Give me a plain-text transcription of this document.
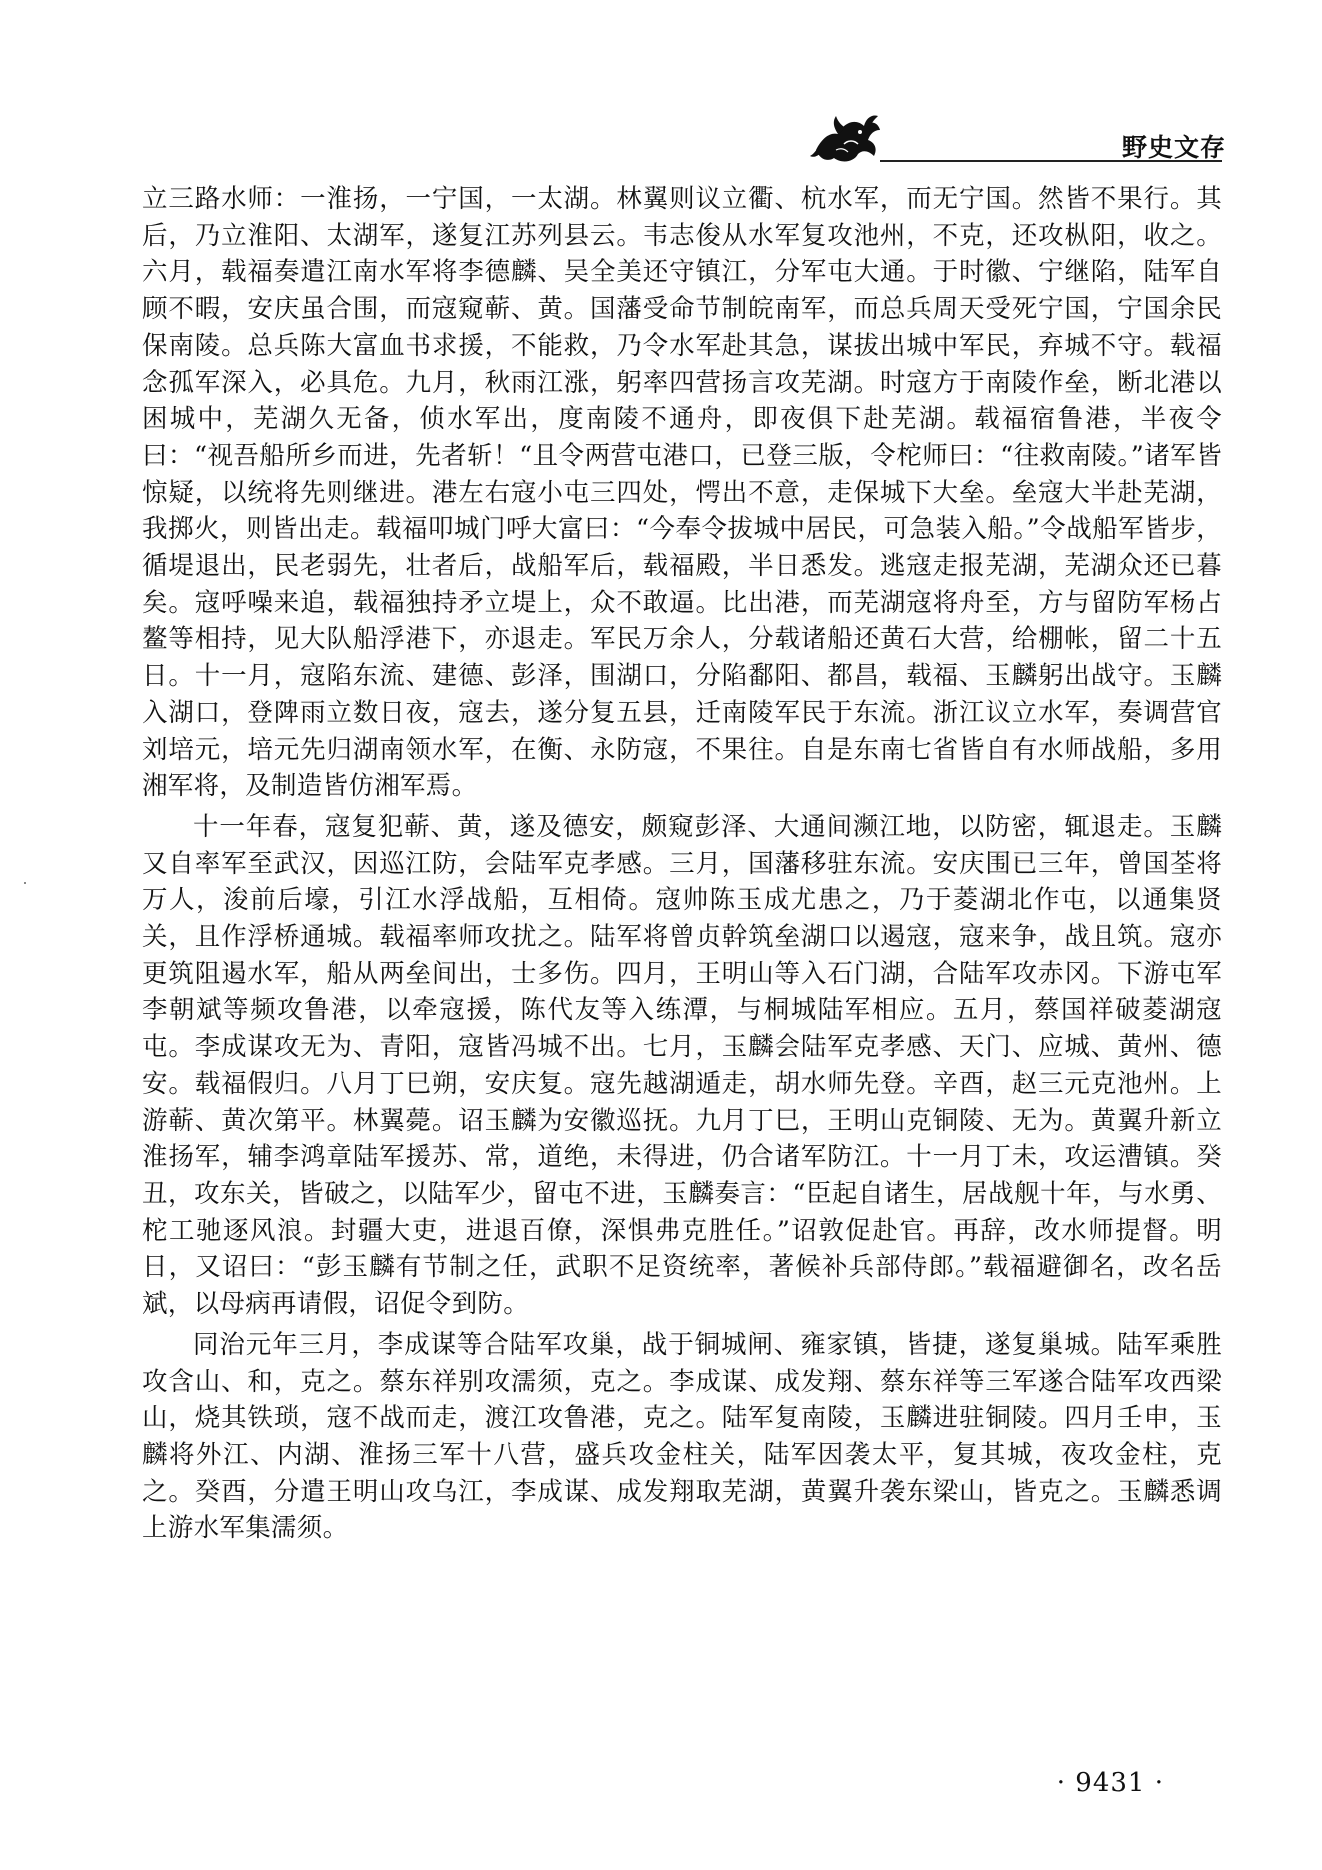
野史文存

立三路水师：一淮扬，一宁国，一太湖。林翼则议立衢、杭水军，而无宁国。然皆不果行。其后，乃立淮阳、太湖军，遂复江苏列县云。韦志俊从水军复攻池州，不克，还攻枞阳，收之。六月，载福奏遣江南水军将李德麟、吴全美还守镇江，分军屯大通。于时徽、宁继陷，陆军自顾不暇，安庆虽合围，而寇窥蕲、黄。国藩受命节制皖南军，而总兵周天受死宁国，宁国余民保南陵。总兵陈大富血书求援，不能救，乃令水军赴其急，谋拔出城中军民，弃城不守。载福念孤军深入，必具危。九月，秋雨江涨，躬率四营扬言攻芜湖。时寇方于南陵作垒，断北港以困城中，芜湖久无备，侦水军出，度南陵不通舟，即夜俱下赴芜湖。载福宿鲁港，半夜令曰：“视吾船所乡而进，先者斩！“且令两营屯港口，已登三版，令柁师曰：“往救南陵。”诸军皆惊疑，以统将先则继进。港左右寇小屯三四处，愕出不意，走保城下大垒。垒寇大半赴芜湖，我掷火，则皆出走。载福叩城门呼大富曰：“今奉令拔城中居民，可急装入船。”令战船军皆步，循堤退出，民老弱先，壮者后，战船军后，载福殿，半日悉发。逃寇走报芜湖，芜湖众还已暮矣。寇呼噪来追，载福独持矛立堤上，众不敢逼。比出港，而芜湖寇将舟至，方与留防军杨占鳌等相持，见大队船浮港下，亦退走。军民万余人，分载诸船还黄石大营，给棚帐，留二十五日。十一月，寇陷东流、建德、彭泽，围湖口，分陷鄱阳、都昌，载福、玉麟躬出战守。玉麟入湖口，登陴雨立数日夜，寇去，遂分复五县，迁南陵军民于东流。浙江议立水军，奏调营官刘培元，培元先归湖南领水军，在衡、永防寇，不果往。自是东南七省皆自有水师战船，多用湘军将，及制造皆仿湘军焉。

十一年春，寇复犯蕲、黄，遂及德安，颇窥彭泽、大通间濒江地，以防密，辄退走。玉麟又自率军至武汉，因巡江防，会陆军克孝感。三月，国藩移驻东流。安庆围已三年，曾国荃将万人，浚前后壕，引江水浮战船，互相倚。寇帅陈玉成尤患之，乃于菱湖北作屯，以通集贤关，且作浮桥通城。载福率师攻扰之。陆军将曾贞幹筑垒湖口以遏寇，寇来争，战且筑。寇亦更筑阻遏水军，船从两垒间出，士多伤。四月，王明山等入石门湖，合陆军攻赤冈。下游屯军李朝斌等频攻鲁港，以牵寇援，陈代友等入练潭，与桐城陆军相应。五月，蔡国祥破菱湖寇屯。李成谋攻无为、青阳，寇皆冯城不出。七月，玉麟会陆军克孝感、天门、应城、黄州、德安。载福假归。八月丁巳朔，安庆复。寇先越湖遁走，胡水师先登。辛酉，赵三元克池州。上游蕲、黄次第平。林翼薨。诏玉麟为安徽巡抚。九月丁巳，王明山克铜陵、无为。黄翼升新立淮扬军，辅李鸿章陆军援苏、常，道绝，未得进，仍合诸军防江。十一月丁未，攻运漕镇。癸丑，攻东关，皆破之，以陆军少，留屯不进，玉麟奏言：“臣起自诸生，居战舰十年，与水勇、柁工驰逐风浪。封疆大吏，进退百僚，深惧弗克胜任。”诏敦促赴官。再辞，改水师提督。明日，又诏曰：“彭玉麟有节制之任，武职不足资统率，著候补兵部侍郎。”载福避御名，改名岳斌，以母病再请假，诏促令到防。

同治元年三月，李成谋等合陆军攻巢，战于铜城闸、雍家镇，皆捷，遂复巢城。陆军乘胜攻含山、和，克之。蔡东祥别攻濡须，克之。李成谋、成发翔、蔡东祥等三军遂合陆军攻西梁山，烧其铁琐，寇不战而走，渡江攻鲁港，克之。陆军复南陵，玉麟进驻铜陵。四月壬申，玉麟将外江、内湖、淮扬三军十八营，盛兵攻金柱关，陆军因袭太平，复其城，夜攻金柱，克之。癸酉，分遣王明山攻乌江，李成谋、成发翔取芜湖，黄翼升袭东梁山，皆克之。玉麟悉调上游水军集濡须。

· 9431 ·
